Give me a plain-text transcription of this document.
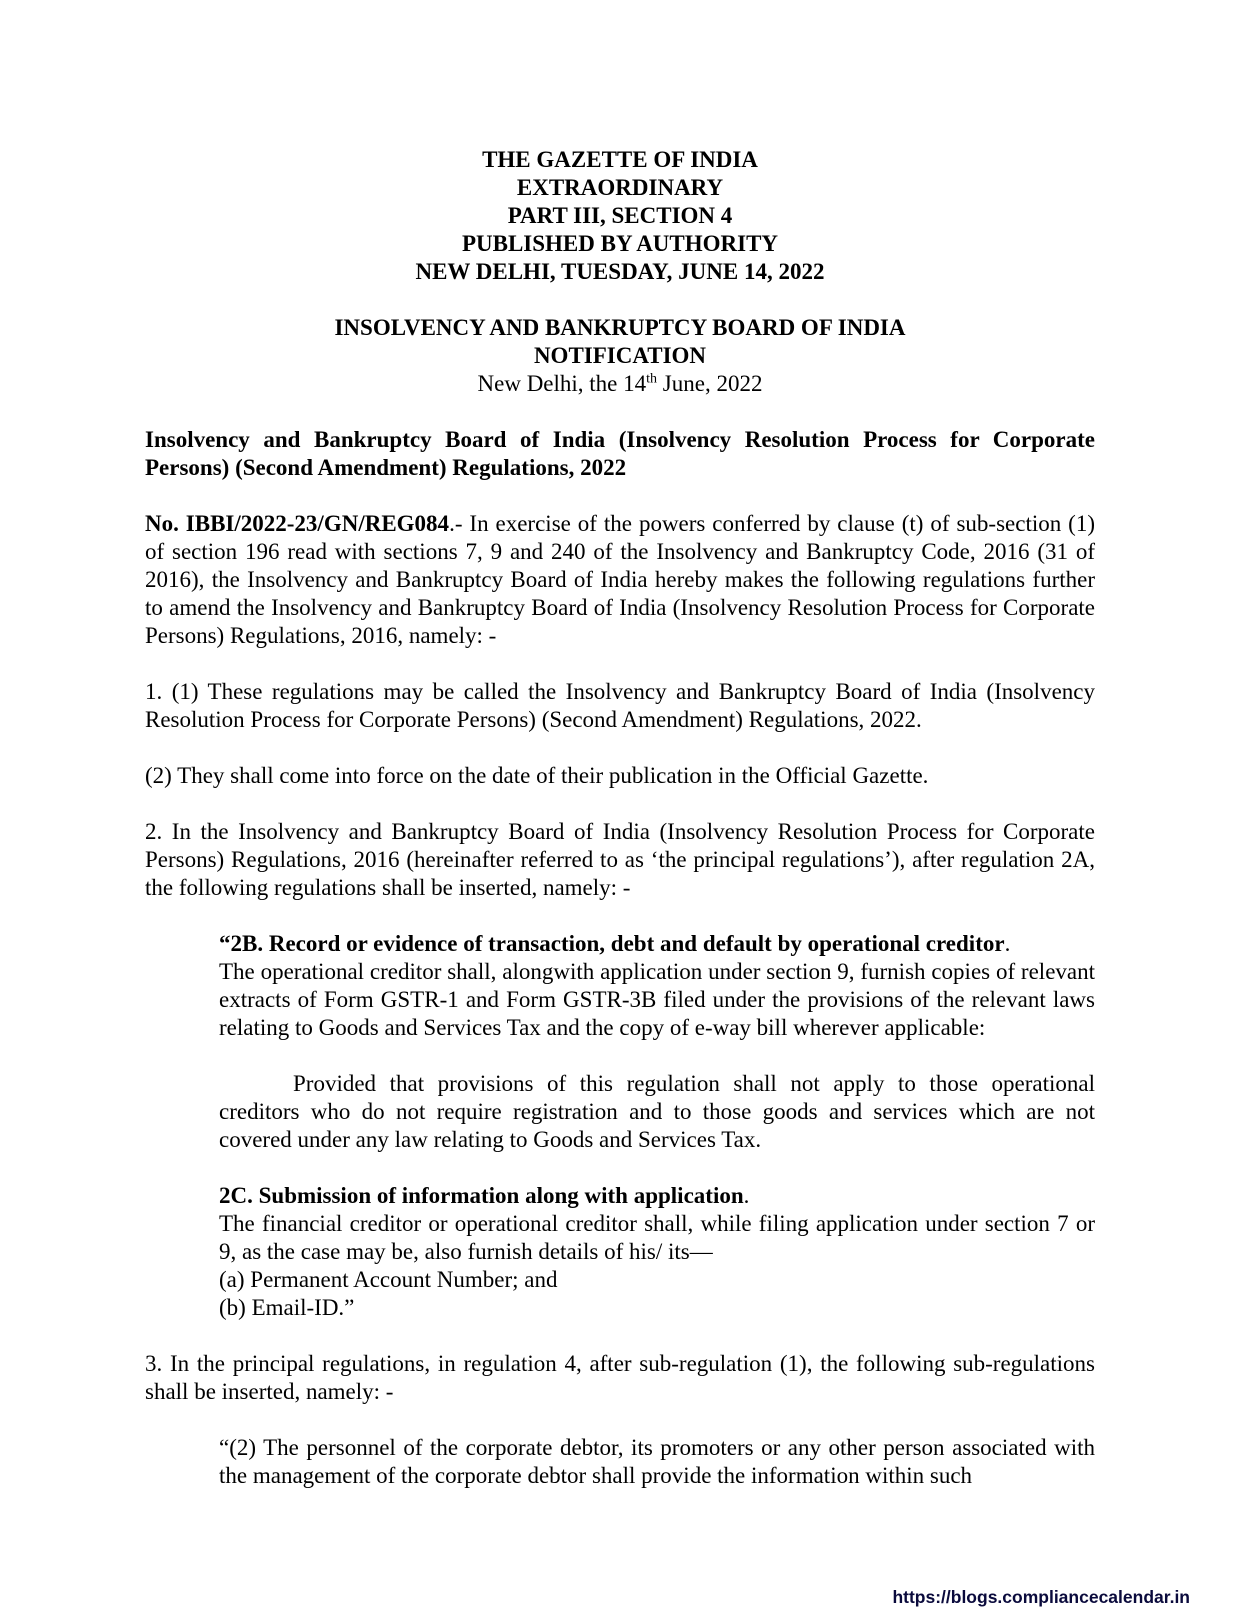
THE GAZETTE OF INDIA
EXTRAORDINARY
PART III, SECTION 4
PUBLISHED BY AUTHORITY
NEW DELHI, TUESDAY, JUNE 14, 2022
INSOLVENCY AND BANKRUPTCY BOARD OF INDIA
NOTIFICATION
New Delhi, the 14th June, 2022
Insolvency and Bankruptcy Board of India (Insolvency Resolution Process for Corporate Persons) (Second Amendment) Regulations, 2022
No. IBBI/2022-23/GN/REG084.- In exercise of the powers conferred by clause (t) of sub-section (1) of section 196 read with sections 7, 9 and 240 of the Insolvency and Bankruptcy Code, 2016 (31 of 2016), the Insolvency and Bankruptcy Board of India hereby makes the following regulations further to amend the Insolvency and Bankruptcy Board of India (Insolvency Resolution Process for Corporate Persons) Regulations, 2016, namely: -
1. (1) These regulations may be called the Insolvency and Bankruptcy Board of India (Insolvency Resolution Process for Corporate Persons) (Second Amendment) Regulations, 2022.
(2) They shall come into force on the date of their publication in the Official Gazette.
2. In the Insolvency and Bankruptcy Board of India (Insolvency Resolution Process for Corporate Persons) Regulations, 2016 (hereinafter referred to as ‘the principal regulations’), after regulation 2A, the following regulations shall be inserted, namely: -
“2B. Record or evidence of transaction, debt and default by operational creditor.
The operational creditor shall, alongwith application under section 9, furnish copies of relevant extracts of Form GSTR-1 and Form GSTR-3B filed under the provisions of the relevant laws relating to Goods and Services Tax and the copy of e-way bill wherever applicable:
Provided that provisions of this regulation shall not apply to those operational creditors who do not require registration and to those goods and services which are not covered under any law relating to Goods and Services Tax.
2C. Submission of information along with application.
The financial creditor or operational creditor shall, while filing application under section 7 or 9, as the case may be, also furnish details of his/ its—
(a) Permanent Account Number; and
(b) Email-ID.”
3. In the principal regulations, in regulation 4, after sub-regulation (1), the following sub-regulations shall be inserted, namely: -
“(2) The personnel of the corporate debtor, its promoters or any other person associated with the management of the corporate debtor shall provide the information within such
https://blogs.compliancecalendar.in
